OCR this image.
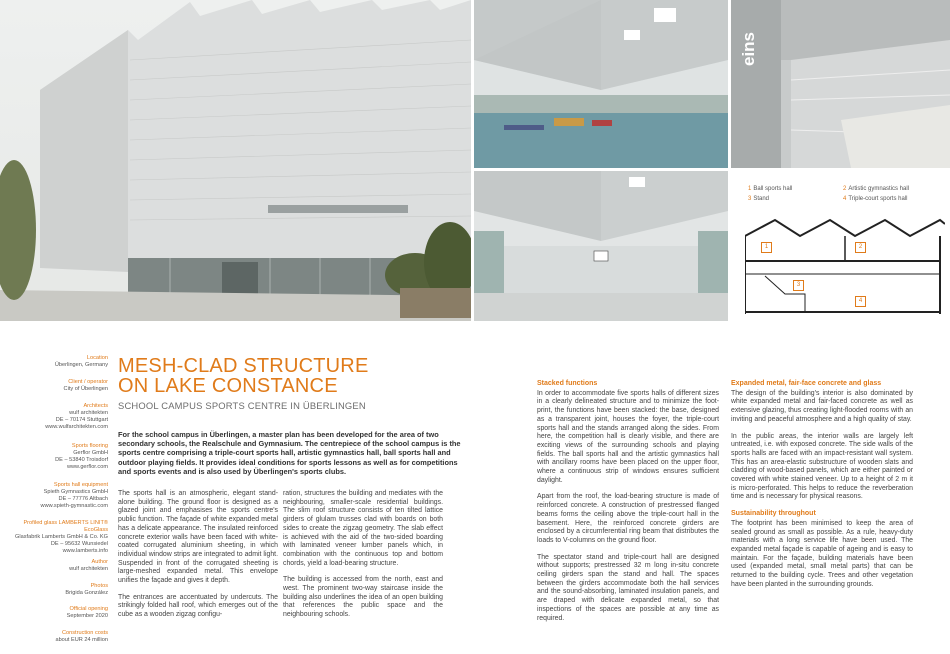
eins
1	2
3
4
1 Ball sports hall	2 Artistic gymnastics hall
3 Stand	4 Triple-court sports hall
Location
Überlingen, Germany
Client / operator
City of Überlingen
Architects
wulf architekten
DE – 70174 Stuttgart
www.wulfarchitekten.com
Sports flooring
Gerflor GmbH
DE – 53840 Troisdorf
www.gerflor.com
Sports hall equipment
Spieth Gymnastics GmbH
DE – 77776 Altbach
www.spieth-gymnastic.com
Profiled glass LAMBERTS LINIT® EcoGlass
Glasfabrik Lamberts GmbH & Co. KG
DE – 95632 Wunsiedel
www.lamberts.info
Author
wulf architekten
Photos
Brigida González
Official opening
September 2020
Construction costs
about EUR 24 million
MESH-CLAD STRUCTURE
ON LAKE CONSTANCE
SCHOOL CAMPUS SPORTS CENTRE IN ÜBERLINGEN
For the school campus in Überlingen, a master plan has been developed for the area of two secondary schools, the Realschule and Gymnasium. The centrepiece of the school campus is the sports centre comprising a triple-court sports hall, artistic gymnastics hall, ball sports hall and outdoor playing fields. It provides ideal conditions for sports lessons as well as for competitions and sports events and is also used by Überlingen's sports clubs.

The sports hall is an atmospheric, elegant stand-alone building. The ground floor is designed as a glazed joint and emphasises the sports centre's public function. The façade of white expanded metal has a delicate appearance. The insulated reinforced concrete exterior walls have been faced with white-coated corrugated aluminium sheeting, in which individual window strips are integrated to admit light. Suspended in front of the corrugated sheeting is large-meshed expanded metal. This envelope unifies the façade and gives it depth.

The entrances are accentuated by undercuts. The strikingly folded hall roof, which emerges out of the cube as a wooden zigzag configu-

ration, structures the building and mediates with the neighbouring, smaller-scale residential buildings. The slim roof structure consists of ten tilted lattice girders of glulam trusses clad with boards on both sides to create the zigzag geometry. The slab effect is achieved with the aid of the two-sided boarding with laminated veneer lumber panels which, in combination with the continuous top and bottom chords, yield a load-bearing structure.

The building is accessed from the north, east and west. The prominent two-way staircase inside the building also underlines the idea of an open building that references the public space and the neighbouring schools.

Stacked functions

In order to accommodate five sports halls of different sizes in a clearly delineated structure and to minimize the foot-print, the functions have been stacked: the base, designed as a transparent joint, houses the foyer, the triple-court sports hall and the stands arranged along the sides. From here, the competition hall is clearly visible, and there are exciting views of the surrounding schools and playing fields. The ball sports hall and the artistic gymnastics hall with ancillary rooms have been placed on the upper floor, where a continuous strip of windows ensures sufficient daylight.

Apart from the roof, the load-bearing structure is made of reinforced concrete. A construction of prestressed flanged beams forms the ceiling above the triple-court hall in the basement. Here, the reinforced concrete girders are enclosed by a circumferential ring beam that distributes the loads to V-columns on the ground floor.

The spectator stand and triple-court hall are designed without supports; prestressed 32 m long in-situ concrete ceiling girders span the stand and hall. The spaces between the girders accommodate both the hall services and the sound-absorbing, laminated insulation panels, and are draped with delicate expanded metal, so that inspections of the spaces are possible at any time as required.

Expanded metal, fair-face concrete and glass

The design of the building's interior is also dominated by white expanded metal and fair-faced concrete as well as extensive glazing, thus creating light-flooded rooms with an inviting and peaceful atmosphere and a high quality of stay.

In the public areas, the interior walls are largely left untreated, i.e. with exposed concrete. The side walls of the sports halls are faced with an impact-resistant wall system. This has an area-elastic substructure of wooden slats and cladding of wood-based panels, which are either painted or covered with white stained veneer. Up to a height of 2 m it is micro-perforated. This helps to reduce the reverberation time and is necessary for physical reasons.

Sustainability throughout

The footprint has been minimised to keep the area of sealed ground as small as possible. As a rule, heavy-duty materials with a long service life have been used. The expanded metal façade is capable of ageing and is easy to maintain. For the façade, building materials have been used (expanded metal, small metal parts) that can be returned to the building cycle. Trees and other vegetation have been planted in the surrounding grounds.
